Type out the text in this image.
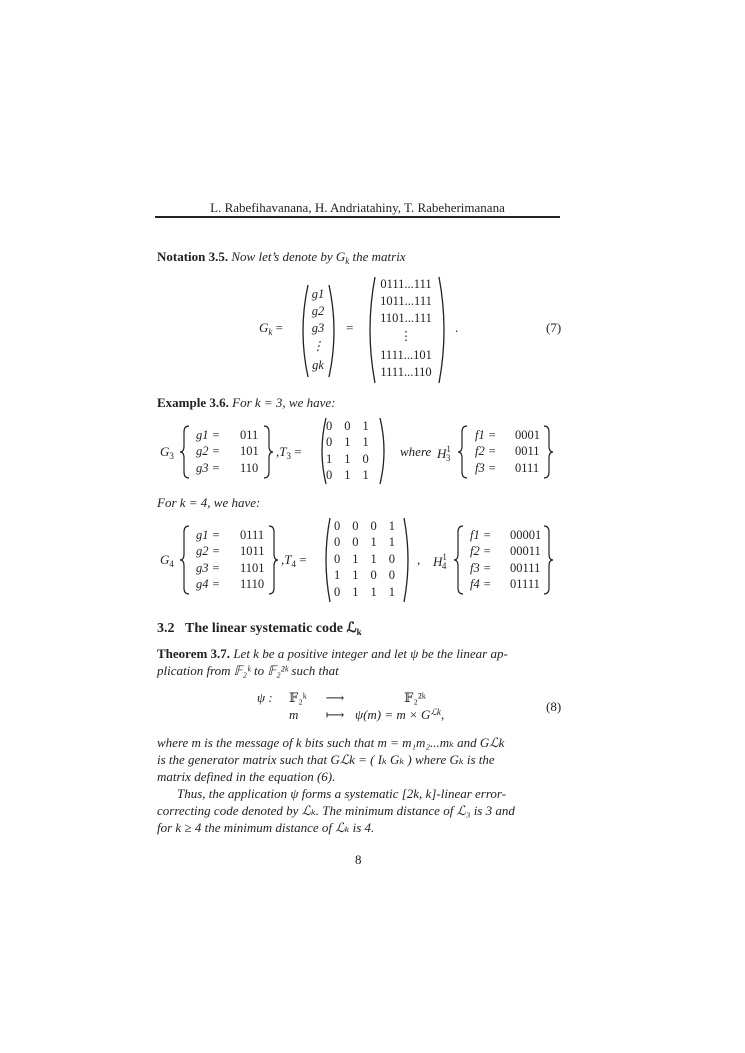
L. Rabefihavanana, H. Andriatahiny, T. Rabeherimanana
Notation 3.5. Now let’s denote by $G_k$ the matrix
$G_k$ =
g1
g2
g3
⋮
gk
=
0111...111
1011...111
1101...111
⋮
1111...101
1111...110
.	(7)
Example 3.6. For k = 3, we have:
$G_3$
g1 =	011
g2 =	101
g3 =	110
$,T_3$ =
0 0 1
0 1 1
1 1 0
0 1 1
where $H^1_3$
f1 =	0001
f2 =	0011
f3 =	0111
For k = 4, we have:
$G_4$
g1 =	0111
g2 =	1011
g3 =	1101
g4 =	1110
$,T_4$ =
0 0 0 1
0 0 1 1
0 1 1 0
1 1 0 0
0 1 1 1
, $H^1_4$
f1 =	00001
f2 =	00011
f3 =	00111
f4 =	01111
3.2 The linear systematic code ℒ$_k$
Theorem 3.7. Let k be a positive integer and let ψ be the linear ap-
plication from 𝔽₂ᵏ to 𝔽₂²ᵏ such that
ψ :	𝔽₂ᵏ	⟶	𝔽₂²ᵏ
m	⟼ ψ(m) = m × G ℒk ,
(8)
where m is the message of k bits such that m = m₁m₂...mₖ and Gℒk
is the generator matrix such that Gℒk = ( Iₖ Gₖ ) where Gₖ is the
matrix defined in the equation (6).
Thus, the application ψ forms a systematic [2k, k]-linear error-
correcting code denoted by ℒₖ. The minimum distance of ℒ₃ is 3 and
for k ≥ 4 the minimum distance of ℒₖ is 4.
8
